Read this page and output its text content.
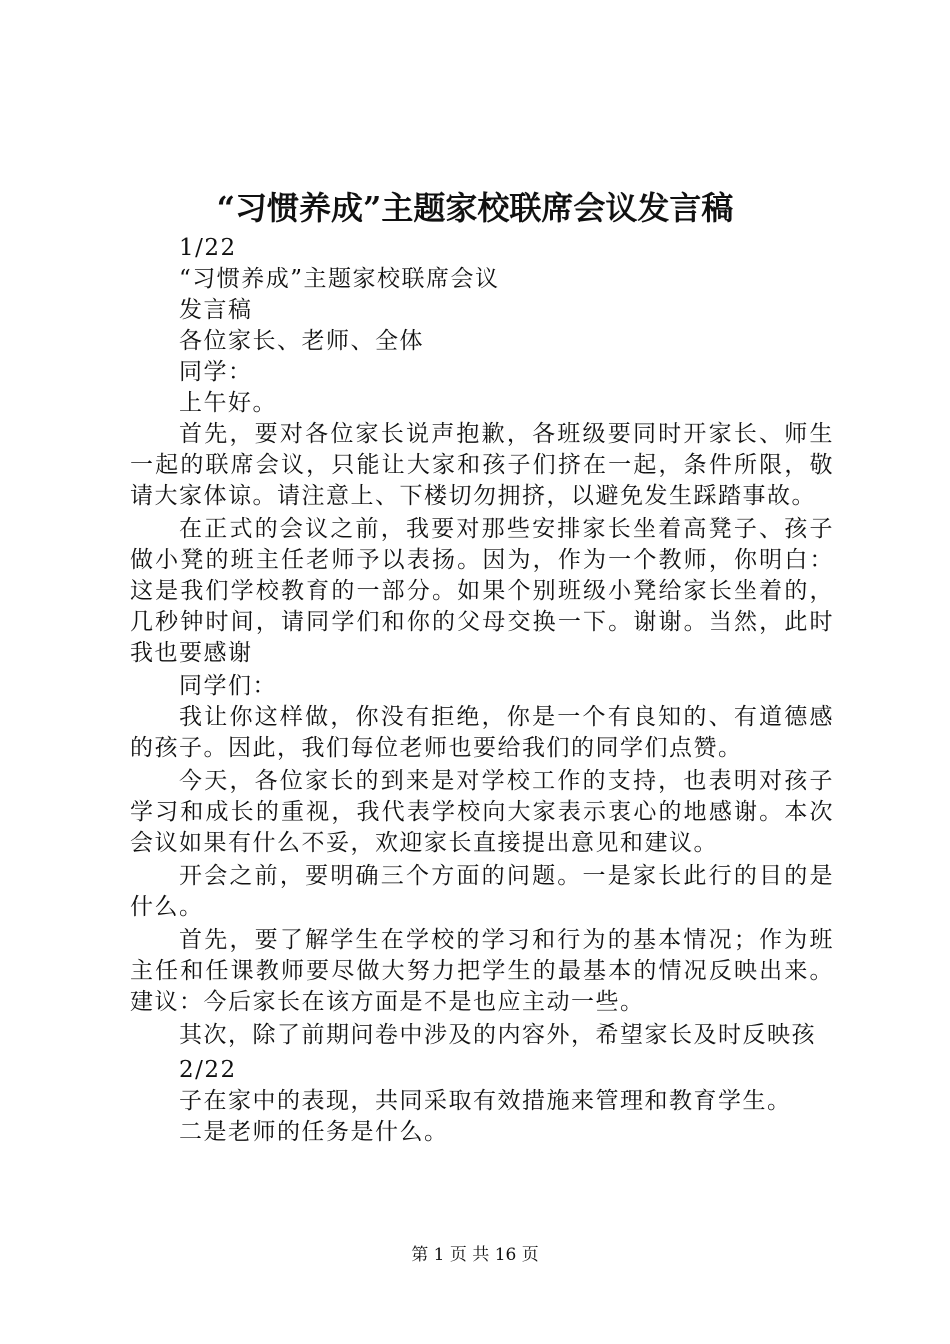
“习惯养成”主题家校联席会议发言稿
1/22
“习惯养成”主题家校联席会议
发言稿
各位家长、老师、全体
同学：
上午好。
首先，要对各位家长说声抱歉，各班级要同时开家长、师生一起的联席会议，只能让大家和孩子们挤在一起，条件所限，敬请大家体谅。请注意上、下楼切勿拥挤，以避免发生踩踏事故。
在正式的会议之前，我要对那些安排家长坐着高凳子、孩子做小凳的班主任老师予以表扬。因为，作为一个教师，你明白：这是我们学校教育的一部分。如果个别班级小凳给家长坐着的，几秒钟时间，请同学们和你的父母交换一下。谢谢。当然，此时我也要感谢
同学们：
我让你这样做，你没有拒绝，你是一个有良知的、有道德感的孩子。因此，我们每位老师也要给我们的同学们点赞。
今天，各位家长的到来是对学校工作的支持，也表明对孩子学习和成长的重视，我代表学校向大家表示衷心的地感谢。本次会议如果有什么不妥，欢迎家长直接提出意见和建议。
开会之前，要明确三个方面的问题。一是家长此行的目的是什么。
首先，要了解学生在学校的学习和行为的基本情况；作为班主任和任课教师要尽做大努力把学生的最基本的情况反映出来。建议：今后家长在该方面是不是也应主动一些。
其次，除了前期问卷中涉及的内容外，希望家长及时反映孩
2/22
子在家中的表现，共同采取有效措施来管理和教育学生。
二是老师的任务是什么。
第 1 页 共 16 页
